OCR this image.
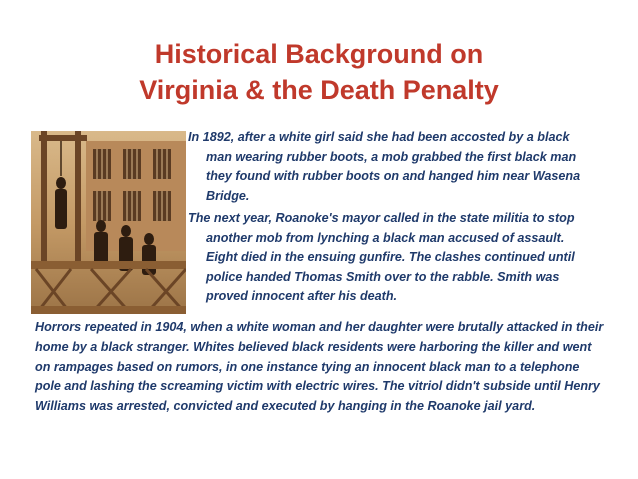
Historical Background on
Virginia & the Death Penalty
In 1892, after a white girl said she had been accosted by a black man wearing rubber boots, a mob grabbed the first black man they found with rubber boots on and hanged him near Wasena Bridge.
The next year, Roanoke's mayor called in the state militia to stop another mob from lynching a black man accused of assault. Eight died in the ensuing gunfire. The clashes continued until police handed Thomas Smith over to the rabble. Smith was proved innocent after his death.
Horrors repeated in 1904, when a white woman and her daughter were brutally attacked in their home by a black stranger. Whites believed black residents were harboring the killer and went on rampages based on rumors, in one instance tying an innocent black man to a telephone pole and lashing the screaming victim with electric wires. The vitriol didn't subside until Henry Williams was arrested, convicted and executed by hanging in the Roanoke jail yard.
